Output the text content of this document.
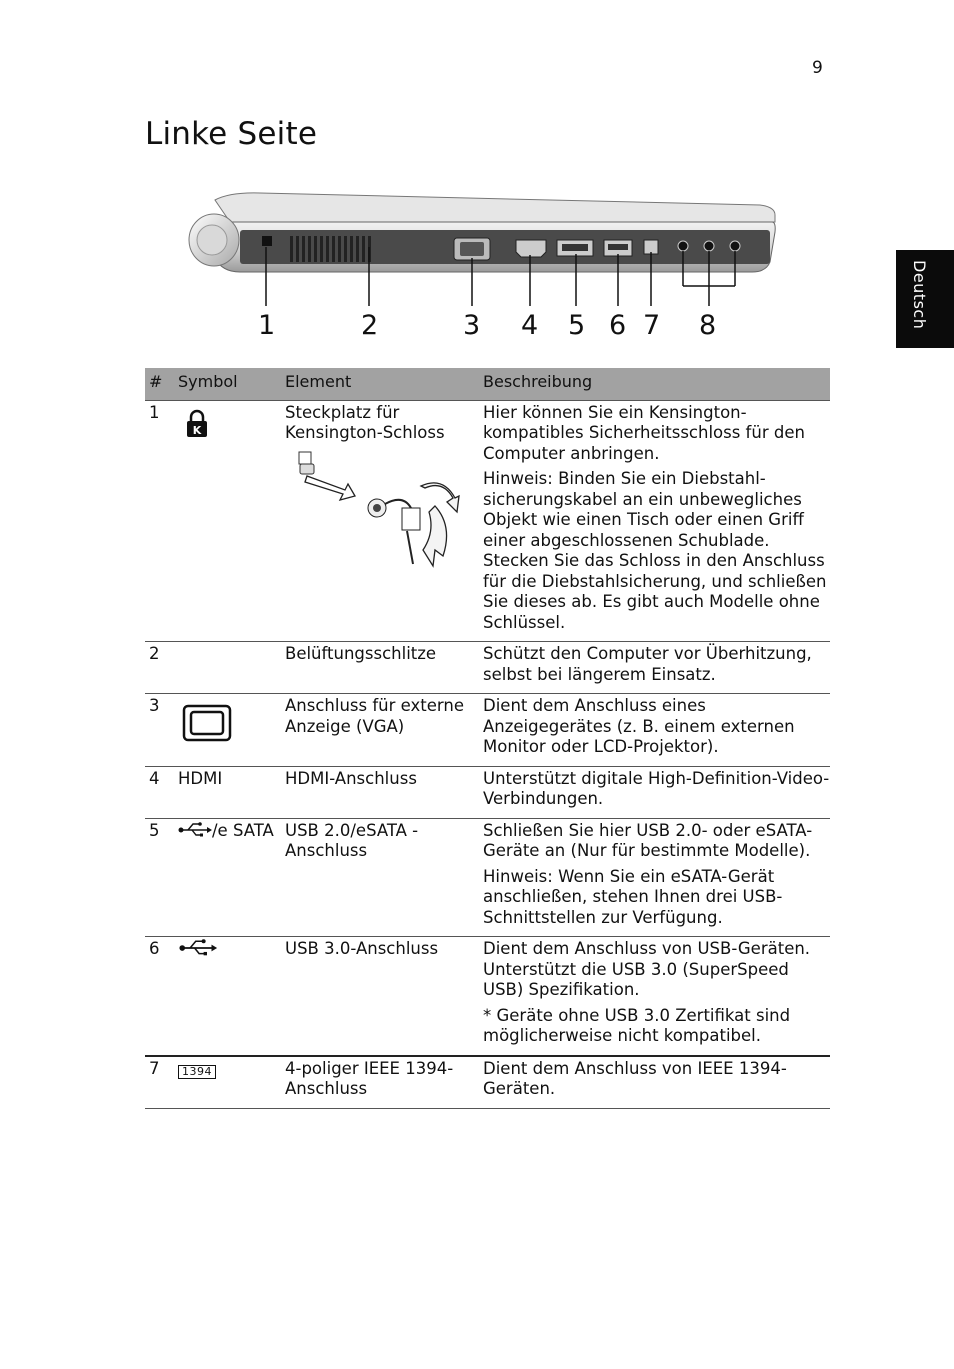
9
Linke Seite
Deutsch
1	2	3 4 5 6 7 8
#	Symbol	Element	Beschreibung
1	K	Steckplatz für Kensington-Schloss	Hier können Sie ein Kensington-kompatibles Sicherheitsschloss für den Computer anbringen.
Hinweis: Binden Sie ein Diebstahl-sicherungskabel an ein unbewegliches Objekt wie einen Tisch oder einen Griff einer abgeschlossenen Schublade. Stecken Sie das Schloss in den Anschluss für die Diebstahlsicherung, und schließen Sie dieses ab. Es gibt auch Modelle ohne Schlüssel.

2		Belüftungsschlitze	Schützt den Computer vor Überhitzung, selbst bei längerem Einsatz.
3		Anschluss für externe Anzeige (VGA)	Dient dem Anschluss eines Anzeigegerätes (z. B. einem externen Monitor oder LCD-Projektor).
4	HDMI	HDMI-Anschluss	Unterstützt digitale High-Definition-Video-Verbindungen.
5	/e SATA	USB 2.0/eSATA - Anschluss	Schließen Sie hier USB 2.0- oder eSATA-Geräte an (Nur für bestimmte Modelle).
Hinweis: Wenn Sie ein eSATA-Gerät anschließen, stehen Ihnen drei USB-Schnittstellen zur Verfügung.

6		USB 3.0-Anschluss	Dient dem Anschluss von USB-Geräten. Unterstützt die USB 3.0 (SuperSpeed USB) Spezifikation.
* Geräte ohne USB 3.0 Zertifikat sind möglicherweise nicht kompatibel.

7	1394	4-poliger IEEE 1394-Anschluss	Dient dem Anschluss von IEEE 1394-Geräten.
